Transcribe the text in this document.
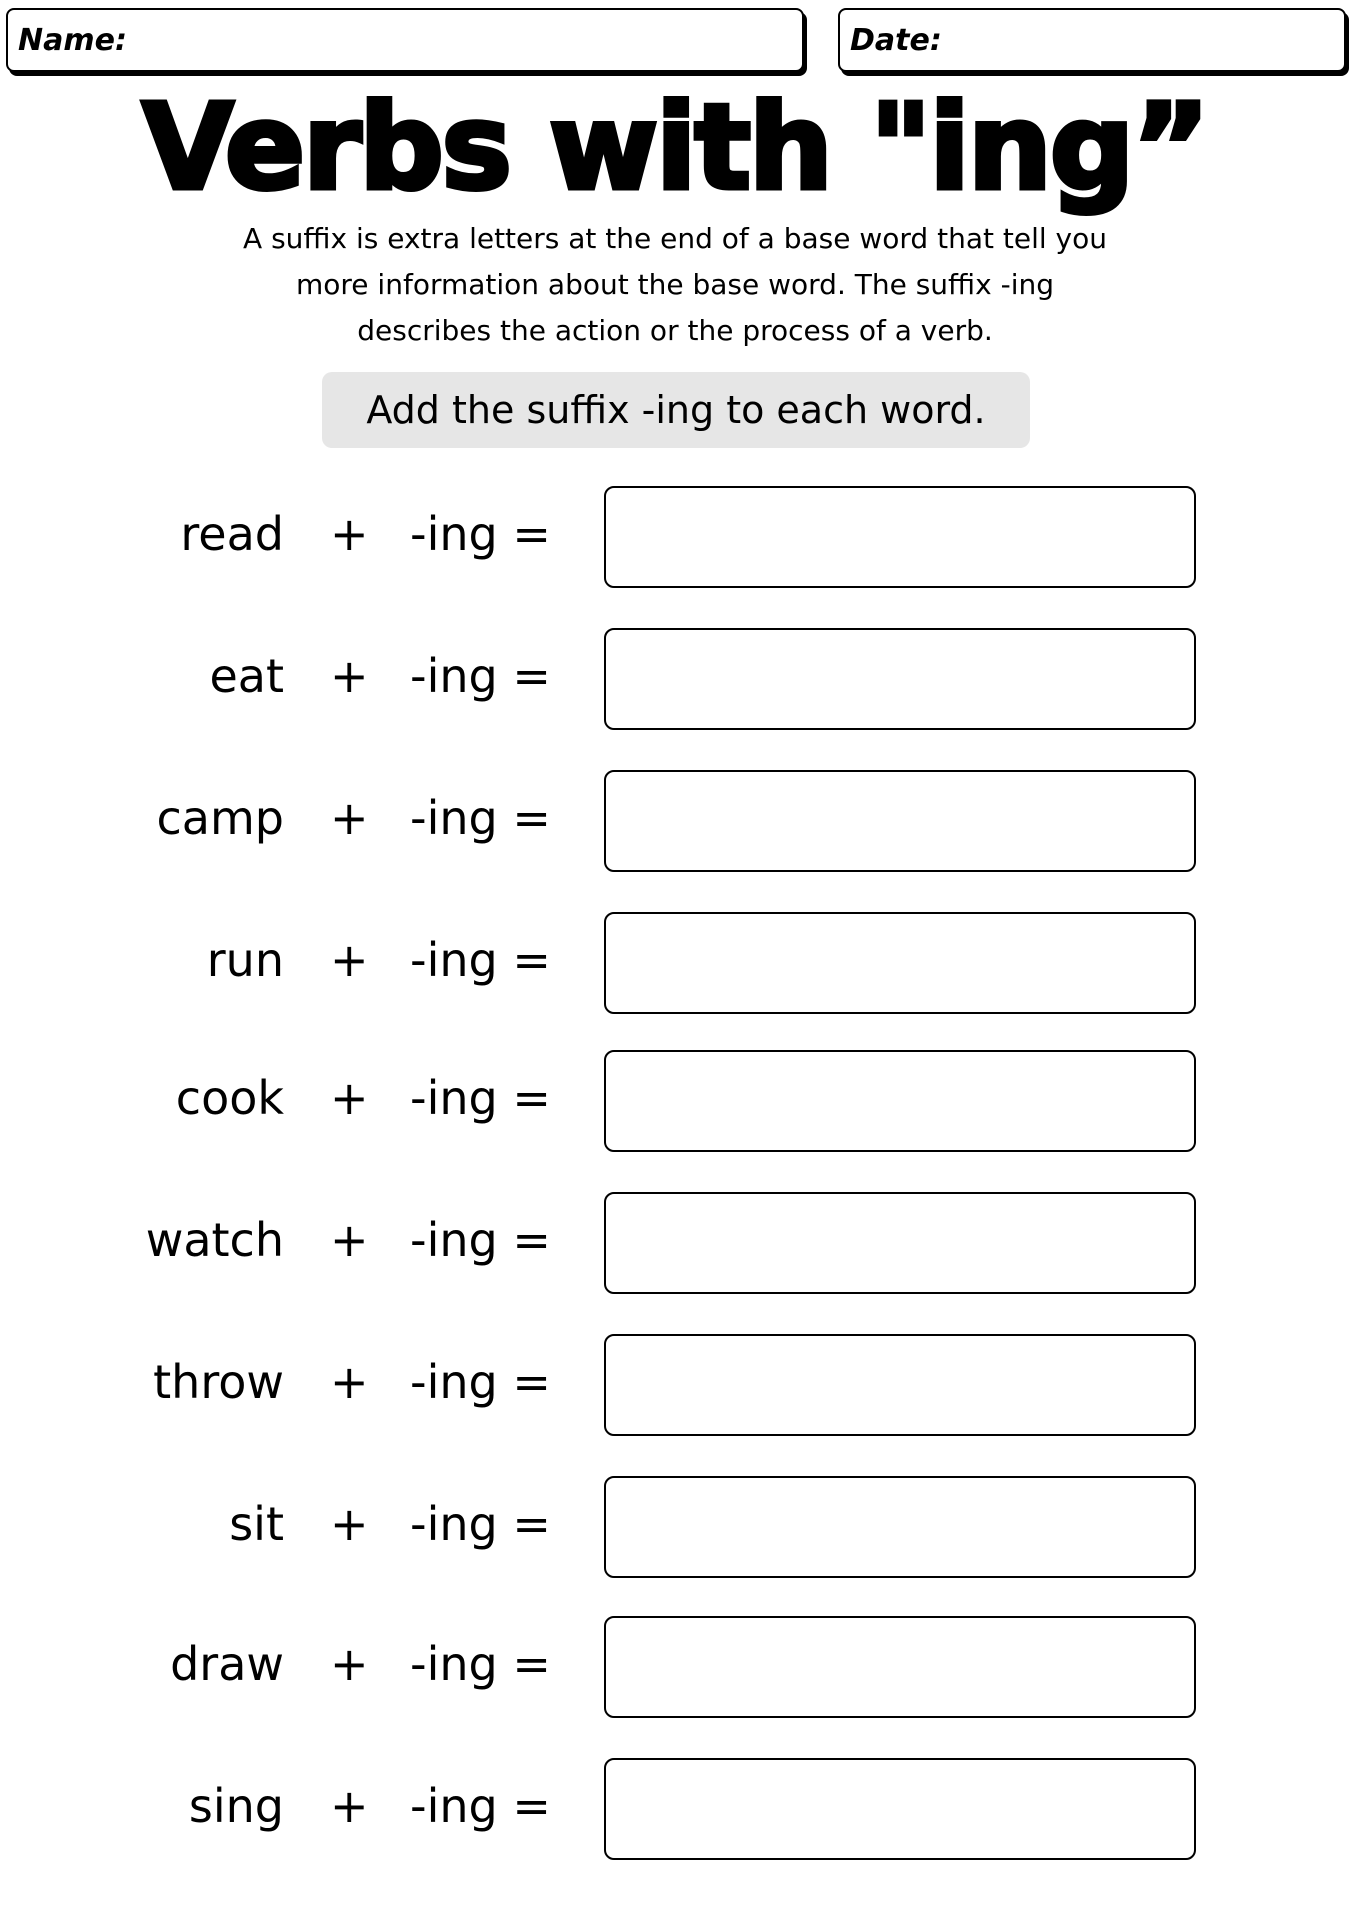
Name:	Date:
Verbs with "ing”
A suffix is extra letters at the end of a base word that tell you more information about the base word. The suffix -ing describes the action or the process of a verb.
Add the suffix -ing to each word.
read + -ing =
eat + -ing =
camp + -ing =
run + -ing =
cook + -ing =
watch + -ing =
throw + -ing =
sit + -ing =
draw + -ing =
sing + -ing =
